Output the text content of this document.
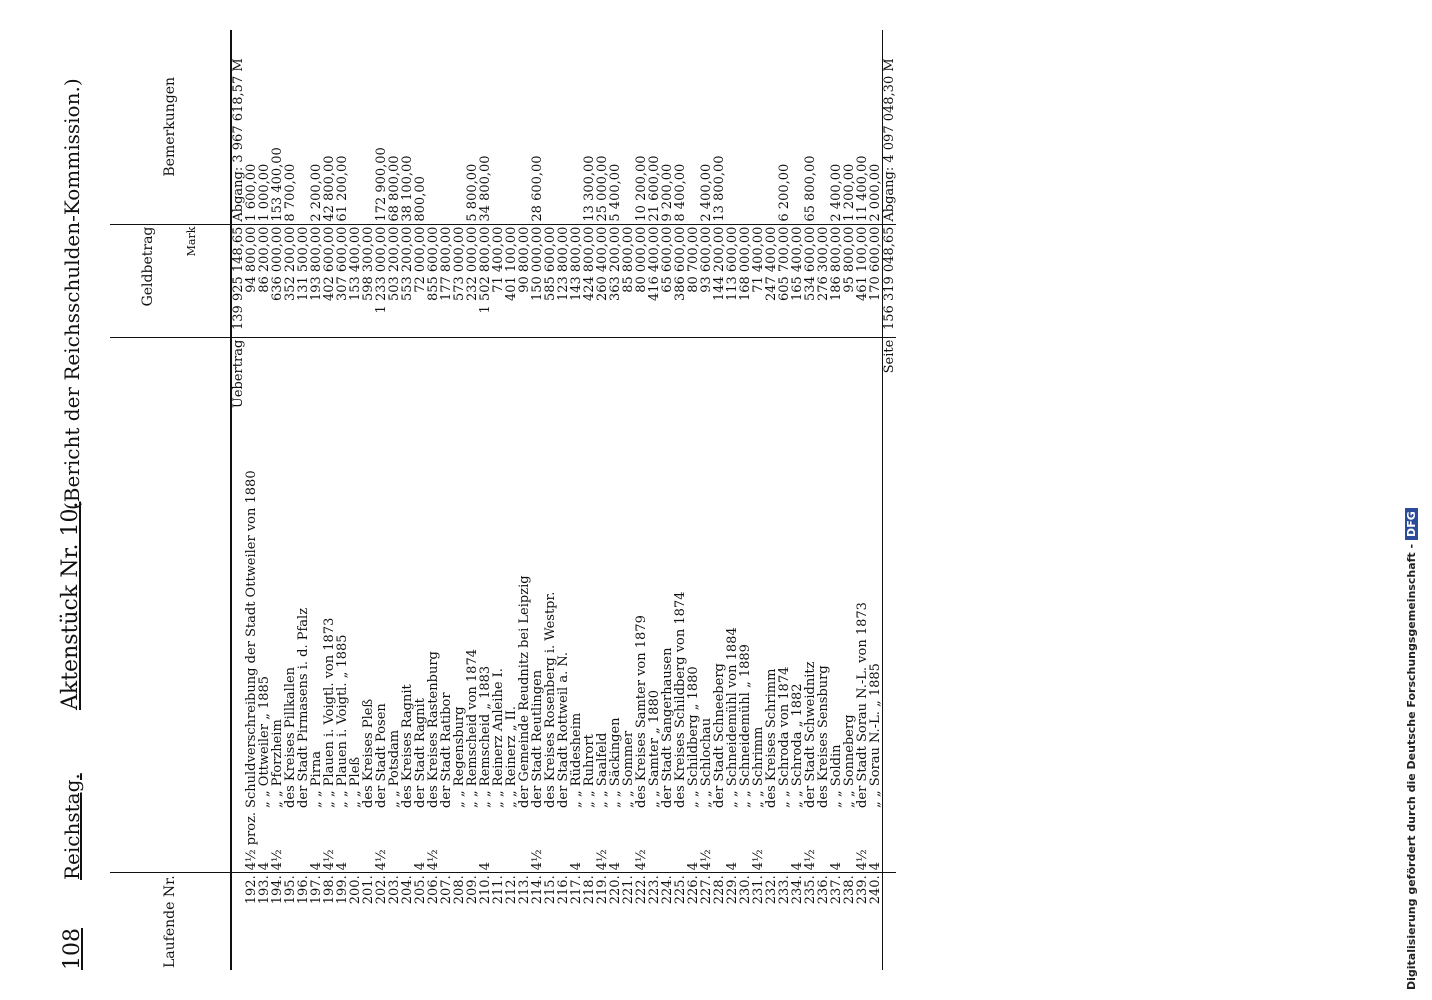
108
Reichstag.
Aktenstück Nr. 10.
(Bericht der Reichsschulden-Kommission.)
Laufende Nr.			Geldbetrag Mark	Bemerkungen
		Uebertrag	139 925 148,65	Abgang: 3 967 618,57 M
192.	4½ proz.	Schuldverschreibung der Stadt Ottweiler von 1880	94 800,00	1 600,00
193.	4	„ „ Ottweiler „ 1885	86 200,00	1 000,00
194.	4½	„ „ Pforzheim	636 000,00	153 400,00
195.		des Kreises Pillkallen	352 200,00	8 700,00
196.		der Stadt Pirmasens i. d. Pfalz	131 500,00	
197.	4	„ „ Pirna	193 800,00	2 200,00
198.	4½	„ „ Plauen i. Voigtl. von 1873	402 600,00	42 800,00
199.	4	„ „ Plauen i. Voigtl. „ 1885	307 600,00	61 200,00
200.		„ „ Pleß	153 400,00	
201.		des Kreises Pleß	598 300,00	
202.	4½	der Stadt Posen	1 233 000,00	172 900,00
203.		„ „ Potsdam	503 200,00	68 800,00
204.		des Kreises Ragnit	553 200,00	38 100,00
205.	4	der Stadt Ragnit	72 000,00	800,00
206.	4½	des Kreises Rastenburg	855 600,00	
207.		der Stadt Ratibor	177 800,00	
208.		„ „ Regensburg	573 000,00	
209.		„ „ Remscheid von 1874	232 000,00	5 800,00
210.	4	„ „ Remscheid „ 1883	1 502 800,00	34 800,00
211.		„ „ Reinerz Anleihe I.	71 400,00	
212.		„ „ Reinerz „ II.	401 100,00	
213.		der Gemeinde Reudnitz bei Leipzig	90 800,00	
214.	4½	der Stadt Reutlingen	150 000,00	28 600,00
215.		des Kreises Rosenberg i. Westpr.	585 600,00	
216.		der Stadt Rottweil a. N.	123 800,00	
217.	4	„ „ Rüdesheim	143 800,00	
218.		„ „ Ruhrort	424 800,00	13 300,00
219.	4½	„ „ Saalfeld	260 400,00	25 000,00
220.	4	„ „ Säckingen	363 200,00	5 400,00
221.		„ „ Sommer	85 800,00	
222.	4½	des Kreises Samter von 1879	80 000,00	10 200,00
223.		„ „ Samter „ 1880	416 400,00	21 600,00
224.		der Stadt Sangerhausen	65 600,00	9 200,00
225.		des Kreises Schildberg von 1874	386 600,00	8 400,00
226.	4	„ „ Schildberg „ 1880	80 700,00	
227.	4½	„ „ Schlochau	93 600,00	2 400,00
228.		der Stadt Schneeberg	144 200,00	13 800,00
229.	4	„ „ Schneidemühl von 1884	113 600,00	
230.		„ „ Schneidemühl „ 1889	168 000,00	
231.	4½	„ „ Schrimm	71 400,00	
232.		des Kreises Schrimm	247 400,00	
233.		„ „ Schroda von 1874	605 700,00	6 200,00
234.	4	„ „ Schroda „ 1882	165 400,00	
235.	4½	der Stadt Schweidnitz	534 600,00	65 800,00
236.		des Kreises Sensburg	276 300,00	
237.	4	„ „ Soldin	186 800,00	2 400,00
238.		„ „ Sonneberg	95 800,00	1 200,00
239.	4½	der Stadt Sorau N.-L. von 1873	461 100,00	11 400,00
240.	4	„ „ Sorau N.-L. „ 1885	170 600,00	2 000,00
		Seite	156 319 048,65	Abgang: 4 097 048,30 M
Digitalisierung gefördert durch die Deutsche Forschungsgemeinschaft -DFG
